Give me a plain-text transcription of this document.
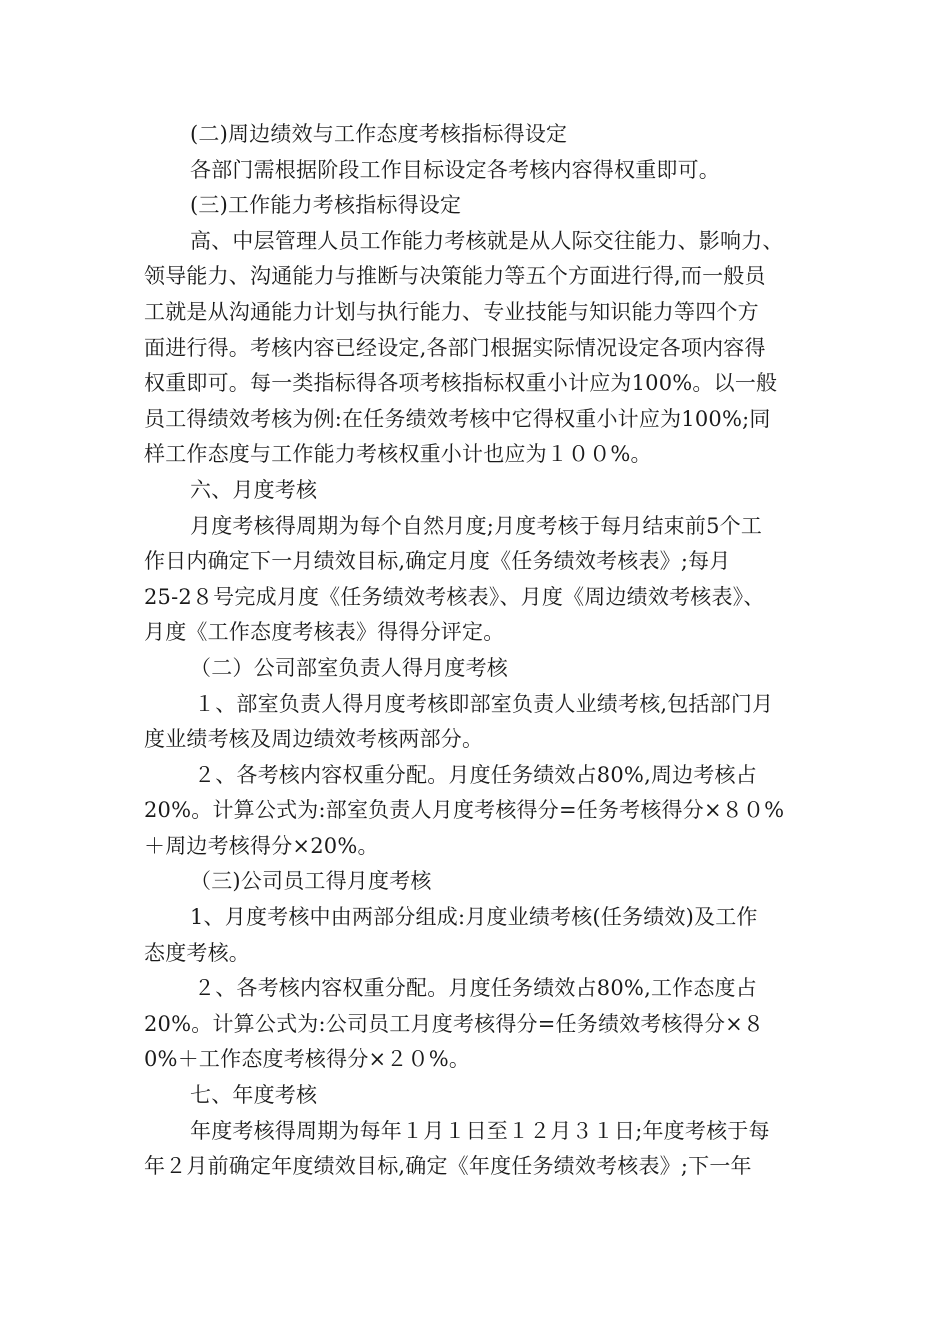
(二)周边绩效与工作态度考核指标得设定
各部门需根据阶段工作目标设定各考核内容得权重即可。
(三)工作能力考核指标得设定
高、中层管理人员工作能力考核就是从人际交往能力、影响力、
领导能力、沟通能力与推断与决策能力等五个方面进行得,而一般员
工就是从沟通能力计划与执行能力、专业技能与知识能力等四个方
面进行得。考核内容已经设定,各部门根据实际情况设定各项内容得
权重即可。每一类指标得各项考核指标权重小计应为100%。以一般
员工得绩效考核为例:在任务绩效考核中它得权重小计应为100%;同
样工作态度与工作能力考核权重小计也应为１００%。
六、月度考核
月度考核得周期为每个自然月度;月度考核于每月结束前5个工
作日内确定下一月绩效目标,确定月度《任务绩效考核表》;每月
25-2８号完成月度《任务绩效考核表》、月度《周边绩效考核表》、
月度《工作态度考核表》得得分评定。
（二）公司部室负责人得月度考核
１、部室负责人得月度考核即部室负责人业绩考核,包括部门月
度业绩考核及周边绩效考核两部分。
２、各考核内容权重分配。月度任务绩效占80%,周边考核占
20%。计算公式为:部室负责人月度考核得分=任务考核得分×８０%
＋周边考核得分×20%。
（三)公司员工得月度考核
1、月度考核中由两部分组成:月度业绩考核(任务绩效)及工作
态度考核。
２、各考核内容权重分配。月度任务绩效占80%,工作态度占
20%。计算公式为:公司员工月度考核得分=任务绩效考核得分×８
0%＋工作态度考核得分×２０%。
七、年度考核
年度考核得周期为每年１月１日至１２月３１日;年度考核于每
年２月前确定年度绩效目标,确定《年度任务绩效考核表》;下一年
